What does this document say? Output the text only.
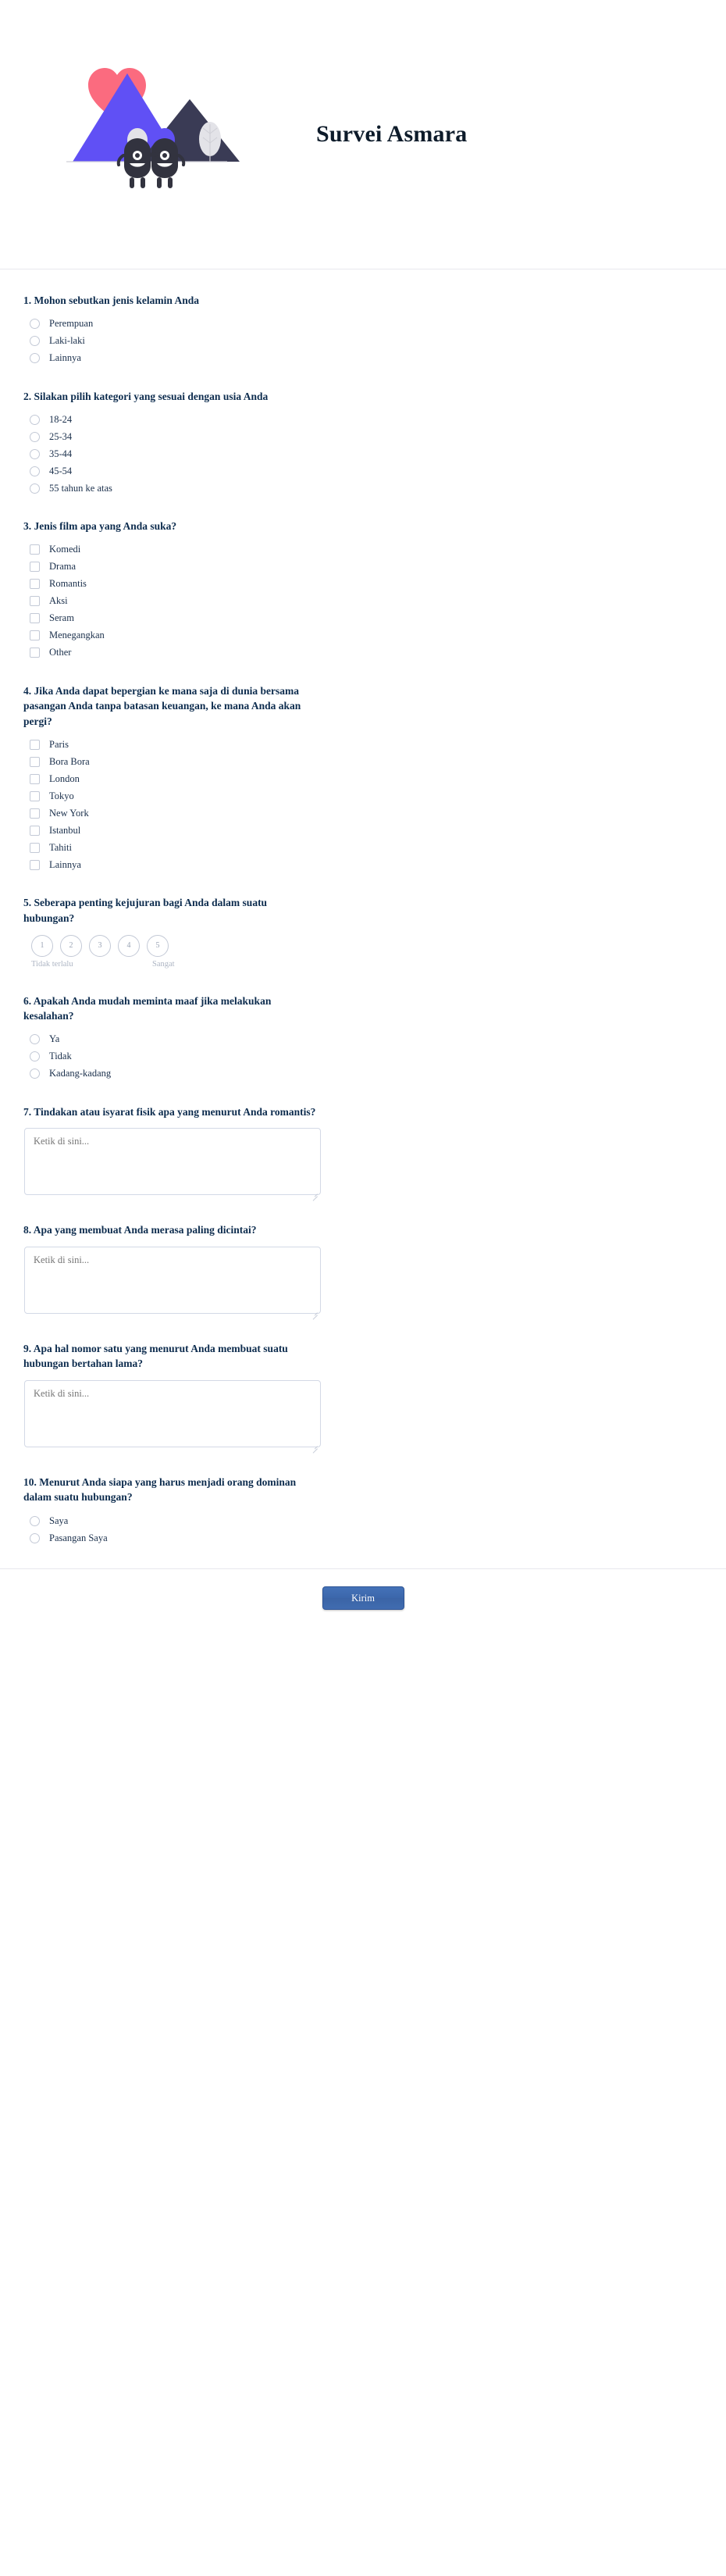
Survei Asmara
1. Mohon sebutkan jenis kelamin Anda
Perempuan
Laki-laki
Lainnya
2. Silakan pilih kategori yang sesuai dengan usia Anda
18-24
25-34
35-44
45-54
55 tahun ke atas
3. Jenis film apa yang Anda suka?
Komedi
Drama
Romantis
Aksi
Seram
Menegangkan
Other
4. Jika Anda dapat bepergian ke mana saja di dunia bersama pasangan Anda tanpa batasan keuangan, ke mana Anda akan pergi?
Paris
Bora Bora
London
Tokyo
New York
Istanbul
Tahiti
Lainnya
5. Seberapa penting kejujuran bagi Anda dalam suatu hubungan?
1	2	3	4	5
Tidak terlalu	Sangat
6. Apakah Anda mudah meminta maaf jika melakukan kesalahan?
Ya
Tidak
Kadang-kadang
7. Tindakan atau isyarat fisik apa yang menurut Anda romantis?
Ketik di sini...
8. Apa yang membuat Anda merasa paling dicintai?
Ketik di sini...
9. Apa hal nomor satu yang menurut Anda membuat suatu hubungan bertahan lama?
Ketik di sini...
10. Menurut Anda siapa yang harus menjadi orang dominan dalam suatu hubungan?
Saya
Pasangan Saya
Kirim
